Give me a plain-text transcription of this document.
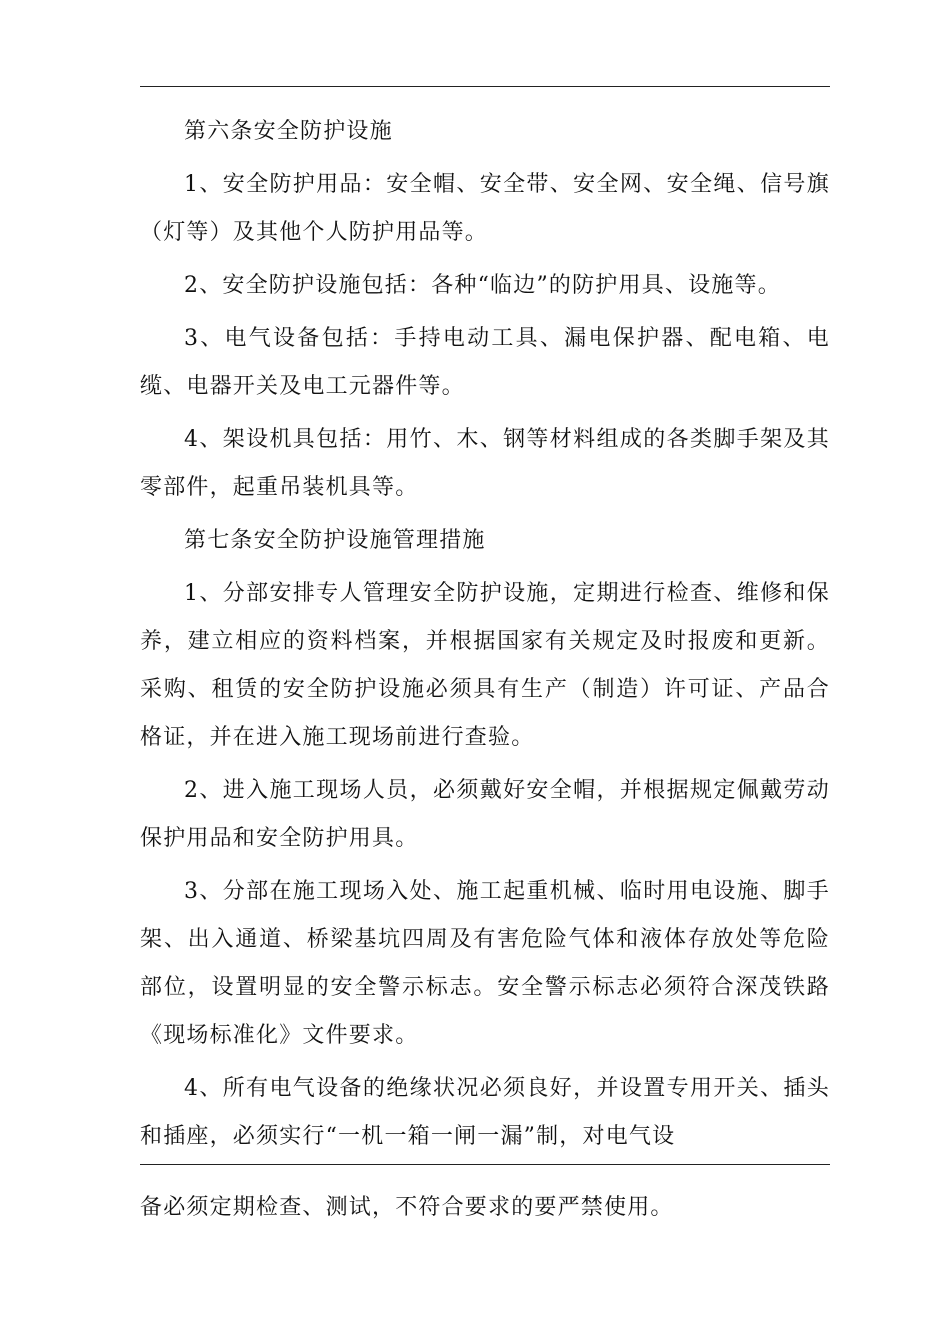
第六条安全防护设施

1、安全防护用品：安全帽、安全带、安全网、安全绳、信号旗（灯等）及其他个人防护用品等。

2、安全防护设施包括：各种“临边”的防护用具、设施等。

3、电气设备包括：手持电动工具、漏电保护器、配电箱、电缆、电器开关及电工元器件等。

4、架设机具包括：用竹、木、钢等材料组成的各类脚手架及其零部件，起重吊装机具等。

第七条安全防护设施管理措施

1、分部安排专人管理安全防护设施，定期进行检查、维修和保养，建立相应的资料档案，并根据国家有关规定及时报废和更新。采购、租赁的安全防护设施必须具有生产（制造）许可证、产品合格证，并在进入施工现场前进行查验。

2、进入施工现场人员，必须戴好安全帽，并根据规定佩戴劳动保护用品和安全防护用具。

3、分部在施工现场入处、施工起重机械、临时用电设施、脚手架、出入通道、桥梁基坑四周及有害危险气体和液体存放处等危险部位，设置明显的安全警示标志。安全警示标志必须符合深茂铁路《现场标准化》文件要求。

4、所有电气设备的绝缘状况必须良好，并设置专用开关、插头和插座，必须实行“一机一箱一闸一漏”制，对电气设

备必须定期检查、测试，不符合要求的要严禁使用。
